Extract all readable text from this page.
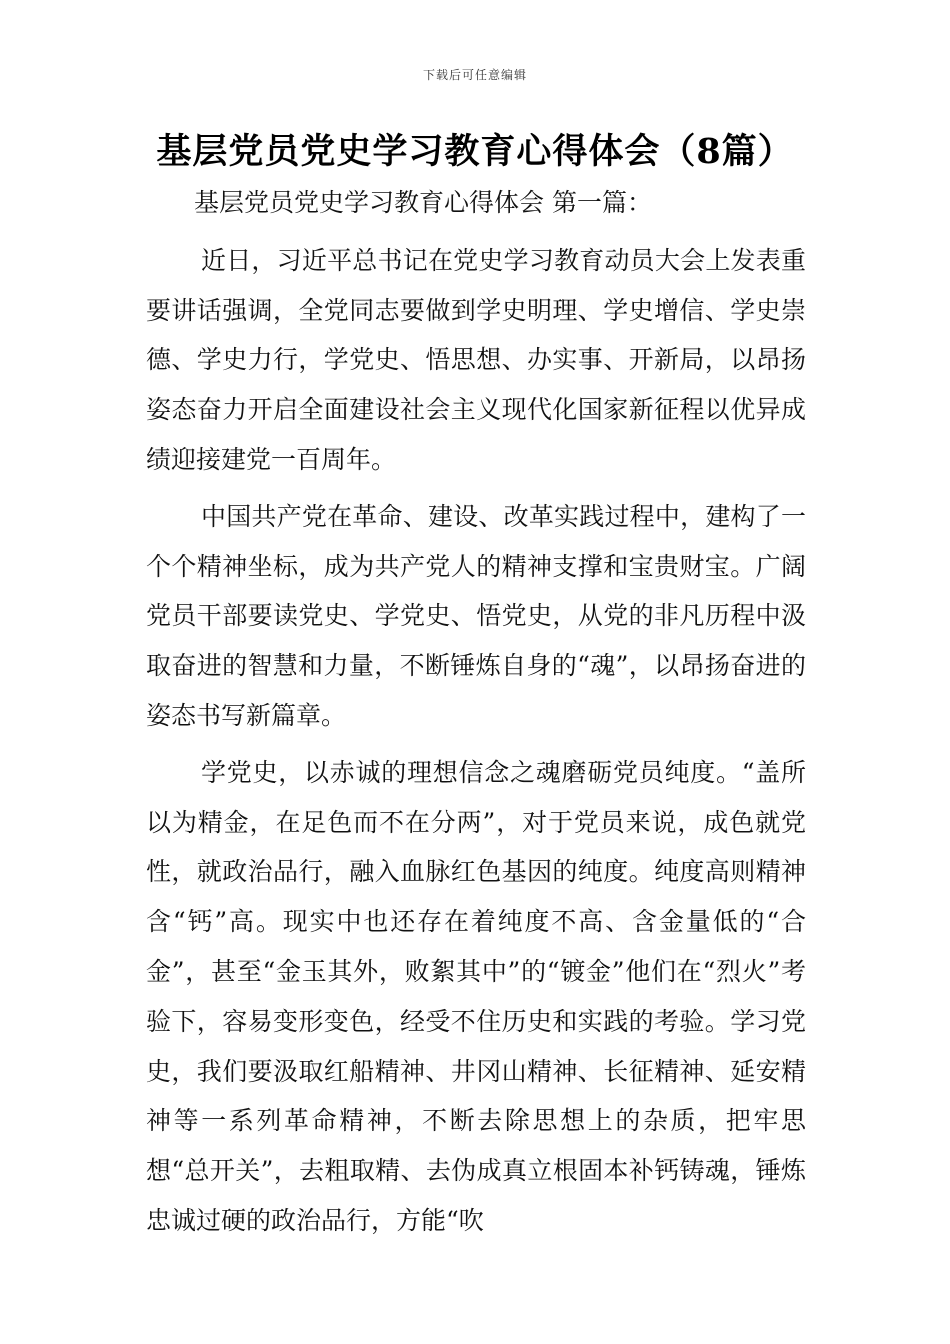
下载后可任意编辑
基层党员党史学习教育心得体会（8篇）

基层党员党史学习教育心得体会 第一篇：

近日，习近平总书记在党史学习教育动员大会上发表重要讲话强调，全党同志要做到学史明理、学史增信、学史崇德、学史力行，学党史、悟思想、办实事、开新局，以昂扬姿态奋力开启全面建设社会主义现代化国家新征程以优异成绩迎接建党一百周年。

中国共产党在革命、建设、改革实践过程中，建构了一个个精神坐标，成为共产党人的精神支撑和宝贵财宝。广阔党员干部要读党史、学党史、悟党史，从党的非凡历程中汲取奋进的智慧和力量，不断锤炼自身的“魂”，以昂扬奋进的姿态书写新篇章。

学党史，以赤诚的理想信念之魂磨砺党员纯度。“盖所以为精金，在足色而不在分两”，对于党员来说，成色就党性，就政治品行，融入血脉红色基因的纯度。纯度高则精神含“钙”高。现实中也还存在着纯度不高、含金量低的“合金”，甚至“金玉其外，败絮其中”的“镀金”他们在“烈火”考验下，容易变形变色，经受不住历史和实践的考验。学习党史，我们要汲取红船精神、井冈山精神、长征精神、延安精神等一系列革命精神，不断去除思想上的杂质，把牢思想“总开关”，去粗取精、去伪成真立根固本补钙铸魂，锤炼忠诚过硬的政治品行，方能“吹
